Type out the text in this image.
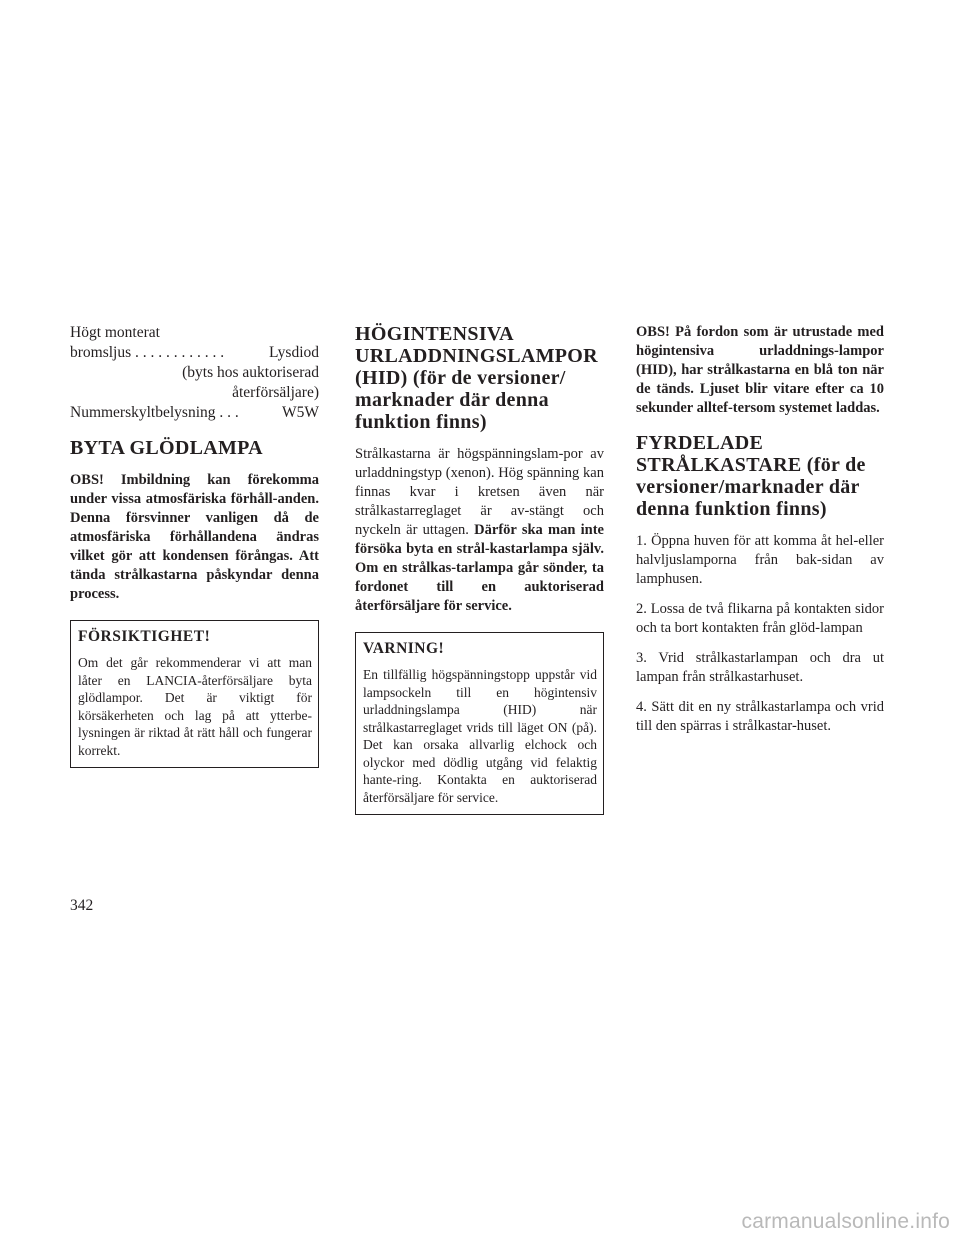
Högt monterat
bromsljus . . . . . . . . . . . .	Lysdiod
(byts hos auktoriserad
återförsäljare)
Nummerskyltbelysning . . .	W5W
BYTA GLÖDLAMPA

OBS! Imbildning kan förekomma under vissa atmosfäriska förhåll-anden. Denna försvinner vanligen då de atmosfäriska förhållandena ändras vilket gör att kondensen förångas. Att tända strålkastarna påskyndar denna process.

FÖRSIKTIGHET!

Om det går rekommenderar vi att man låter en LANCIA-återförsäljare byta glödlampor. Det är viktigt för körsäkerheten och lag på att ytterbe-lysningen är riktad åt rätt håll och fungerar korrekt.

HÖGINTENSIVA URLADDNINGSLAMPOR (HID) (för de versioner/ marknader där denna funktion finns)

Strålkastarna är högspänningslam-por av urladdningstyp (xenon). Hög spänning kan finnas kvar i kretsen även när strålkastarreglaget är av-stängt och nyckeln är uttagen. Därför ska man inte försöka byta en strål-kastarlampa själv. Om en strålkas-tarlampa går sönder, ta fordonet till en auktoriserad återförsäljare för service.

VARNING!

En tillfällig högspänningstopp uppstår vid lampsockeln till en högintensiv urladdningslampa (HID) när strålkastarreglaget vrids till läget ON (på). Det kan orsaka allvarlig elchock och olyckor med dödlig utgång vid felaktig hante-ring. Kontakta en auktoriserad återförsäljare för service.

OBS! På fordon som är utrustade med högintensiva urladdnings-lampor (HID), har strålkastarna en blå ton när de tänds. Ljuset blir vitare efter ca 10 sekunder alltef-tersom systemet laddas.

FYRDELADE STRÅLKASTARE (för de versioner/marknader där denna funktion finns)

1. Öppna huven för att komma åt hel-eller halvljuslamporna från bak-sidan av lamphusen.

2. Lossa de två flikarna på kontakten sidor och ta bort kontakten från glöd-lampan

3. Vrid strålkastarlampan och dra ut lampan från strålkastarhuset.

4. Sätt dit en ny strålkastarlampa och vrid till den spärras i strålkastar-huset.

342
carmanualsonline.info
